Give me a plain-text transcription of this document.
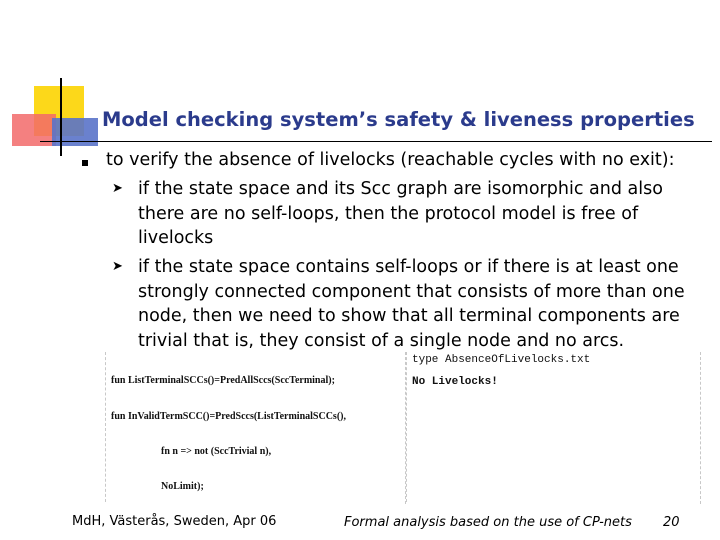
Model checking system’s safety & liveness properties
to verify the absence of livelocks (reachable cycles with no exit):
➤ if the state space and its Scc graph are isomorphic and also there are no self-loops, then the protocol model is free of livelocks
➤ if the state space contains self-loops or if there is at least one strongly connected component that consists of more than one node, then we need to show that all terminal components are trivial that is, they consist of a single node and no arcs.

fun ListTerminalSCCs()=PredAllSccs(SccTerminal);

fun InValidTermSCC()=PredSccs(ListTerminalSCCs(),

fn n => not (SccTrivial n),

NoLimit);

type AbsenceOfLivelocks.txt
No Livelocks!
MdH, Västerås, Sweden, Apr 06	Formal analysis based on the use of CP-nets 20
